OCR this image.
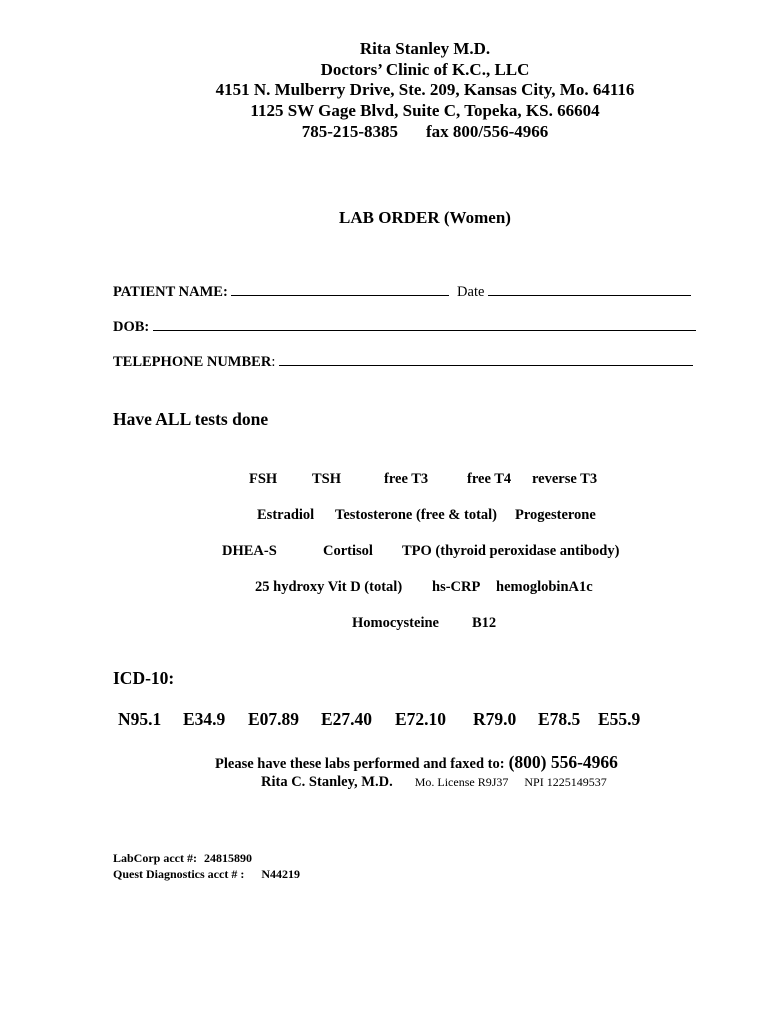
Rita Stanley M.D.
Doctors’ Clinic of K.C., LLC
4151 N. Mulberry Drive, Ste. 209, Kansas City, Mo. 64116
1125 SW Gage Blvd, Suite C, Topeka, KS. 66604
785-215-8385 fax 800/556-4966
LAB ORDER (Women)
PATIENT NAME:	Date
DOB:
TELEPHONE NUMBER:
Have ALL tests done
FSH TSH	free T3	free T4 reverse T3
Estradiol Testosterone (free & total) Progesterone
DHEA-S	Cortisol TPO (thyroid peroxidase antibody)
25 hydroxy Vit D (total) hs-CRP hemoglobinA1c
Homocysteine B12
ICD-10:
N95.1 E34.9 E07.89 E27.40 E72.10 R79.0 E78.5 E55.9
Please have these labs performed and faxed to: (800) 556-4966
Rita C. Stanley, M.D. Mo. License R9J37 NPI 1225149537
LabCorp acct #: 24815890
Quest Diagnostics acct # : N44219
